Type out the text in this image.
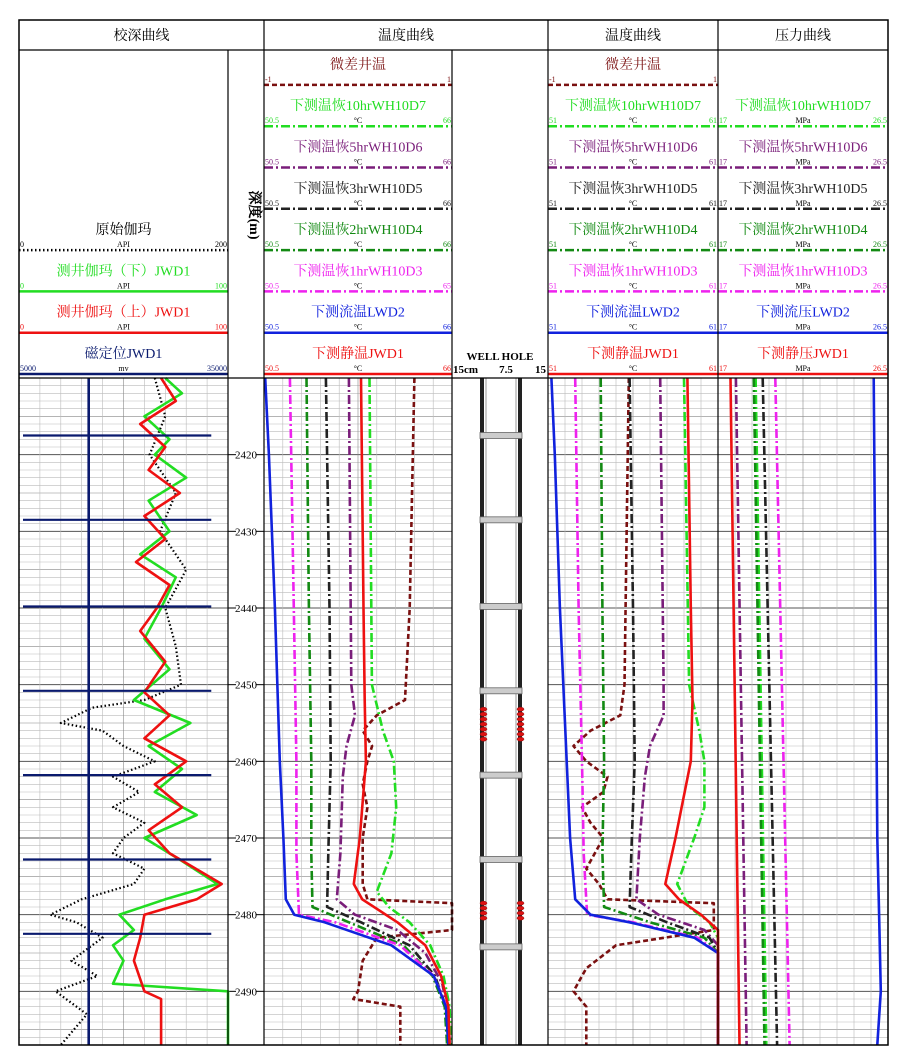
深度(m)
校深曲线
原始伽玛
0	200
API
测井伽玛（下）JWD1
0	100
API
测井伽玛（上）JWD1
0	100
API
磁定位JWD1
5000	35000
mv
温度曲线
微差井温
-1	1
下测温恢10hrWH10D7
50.5	66
°C
下测温恢5hrWH10D6
50.5	66
°C
下测温恢3hrWH10D5
50.5	66
°C
下测温恢2hrWH10D4
50.5	66
°C
下测温恢1hrWH10D3
50.5	65
°C
下测流温LWD2
50.5	66
°C
下测静温JWD1
50.5	66
°C
温度曲线
微差井温
-1	1
下测温恢10hrWH10D7
51	61
°C
下测温恢5hrWH10D6
51	61
°C
下测温恢3hrWH10D5
51	61
°C
下测温恢2hrWH10D4
51	61
°C
下测温恢1hrWH10D3
51	61
°C
下测流温LWD2
51	61
°C
下测静温JWD1
51	61
°C
压力曲线
下测温恢10hrWH10D7
17	26.5
MPa
下测温恢5hrWH10D6
17	26.5
MPa
下测温恢3hrWH10D5
17	26.5
MPa
下测温恢2hrWH10D4
17	26.5
MPa
下测温恢1hrWH10D3
17	26.5
MPa
下测流压LWD2
17	26.5
MPa
下测静压JWD1
17	26.5
MPa
WELL HOLE
15cm 7.5 15
2420
2430
2440
2450
2460
2470
2480
2490
